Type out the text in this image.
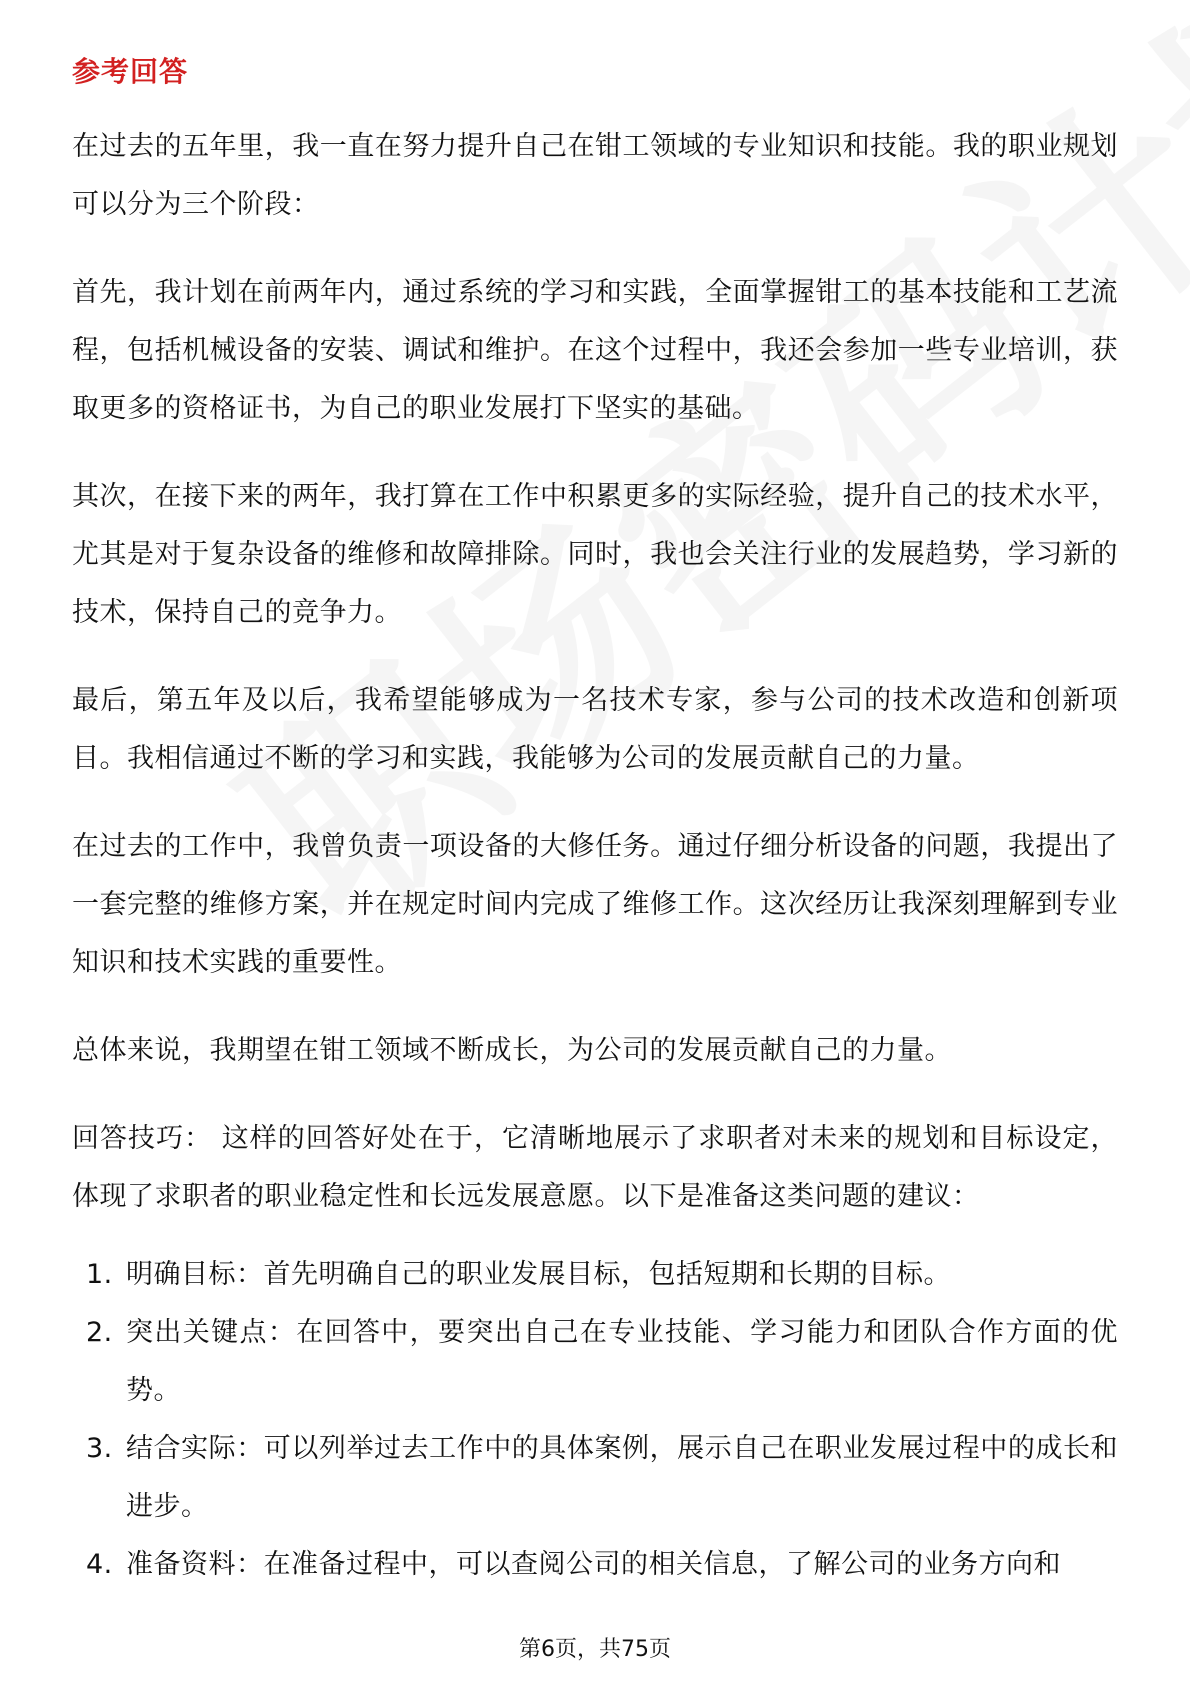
参考回答

在过去的五年里，我一直在努力提升自己在钳工领域的专业知识和技能。我的职业规划可以分为三个阶段：

首先，我计划在前两年内，通过系统的学习和实践，全面掌握钳工的基本技能和工艺流程，包括机械设备的安装、调试和维护。在这个过程中，我还会参加一些专业培训，获取更多的资格证书，为自己的职业发展打下坚实的基础。

其次，在接下来的两年，我打算在工作中积累更多的实际经验，提升自己的技术水平，尤其是对于复杂设备的维修和故障排除。同时，我也会关注行业的发展趋势，学习新的技术，保持自己的竞争力。

最后，第五年及以后，我希望能够成为一名技术专家，参与公司的技术改造和创新项目。我相信通过不断的学习和实践，我能够为公司的发展贡献自己的力量。

在过去的工作中，我曾负责一项设备的大修任务。通过仔细分析设备的问题，我提出了一套完整的维修方案，并在规定时间内完成了维修工作。这次经历让我深刻理解到专业知识和技术实践的重要性。

总体来说，我期望在钳工领域不断成长，为公司的发展贡献自己的力量。

回答技巧： 这样的回答好处在于，它清晰地展示了求职者对未来的规划和目标设定，体现了求职者的职业稳定性和长远发展意愿。以下是准备这类问题的建议：

1. 明确目标：首先明确自己的职业发展目标，包括短期和长期的目标。
2. 突出关键点：在回答中，要突出自己在专业技能、学习能力和团队合作方面的优势。
3. 结合实际：可以列举过去工作中的具体案例，展示自己在职业发展过程中的成长和进步。
4. 准备资料：在准备过程中，可以查阅公司的相关信息，了解公司的业务方向和
第6页，共75页
